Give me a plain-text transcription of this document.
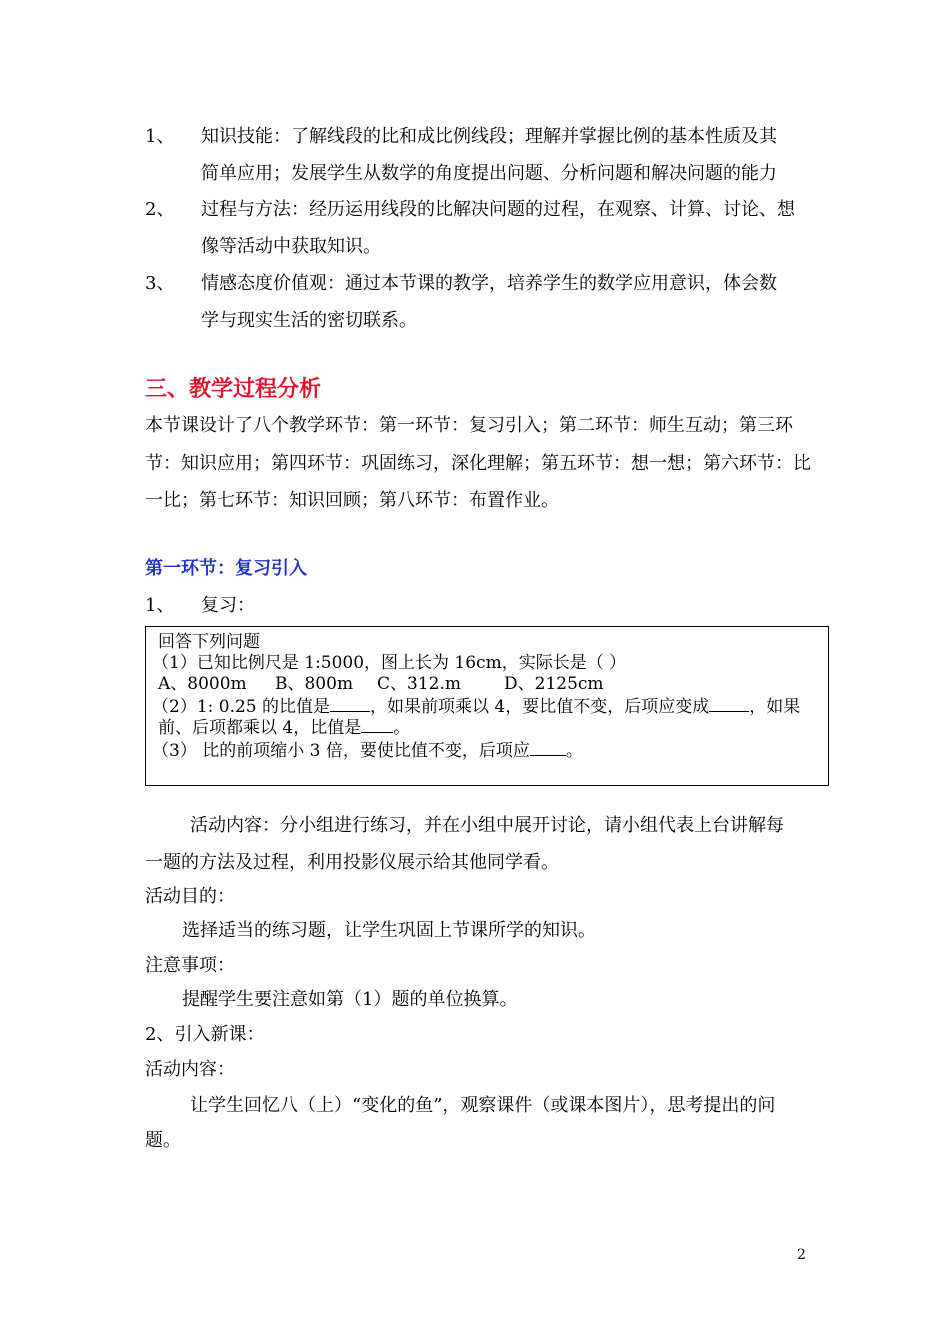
1、 知识技能：了解线段的比和成比例线段；理解并掌握比例的基本性质及其
简单应用；发展学生从数学的角度提出问题、分析问题和解决问题的能力
2、 过程与方法：经历运用线段的比解决问题的过程，在观察、计算、讨论、想
像等活动中获取知识。
3、 情感态度价值观：通过本节课的教学，培养学生的数学应用意识，体会数
学与现实生活的密切联系。
三、教学过程分析
本节课设计了八个教学环节：第一环节：复习引入；第二环节：师生互动；第三环
节：知识应用；第四环节：巩固练习，深化理解；第五环节：想一想；第六环节：比
一比；第七环节：知识回顾；第八环节：布置作业。
第一环节：复习引入
1、 复习：
回答下列问题
（1）已知比例尺是 1:5000，图上长为 16cm，实际长是（ ）
A、8000m B、800m C、312.m	D、2125cm
（2）1: 0.25 的比值是 ，如果前项乘以 4，要比值不变，后项应变成 ，如果
前、后项都乘以 4，比值是 。
（3） 比的前项缩小 3 倍，要使比值不变，后项应 。
活动内容：分小组进行练习，并在小组中展开讨论，请小组代表上台讲解每
一题的方法及过程，利用投影仪展示给其他同学看。
活动目的：
选择适当的练习题，让学生巩固上节课所学的知识。
注意事项：
提醒学生要注意如第（1）题的单位换算。
2、引入新课：
活动内容：
让学生回忆八（上）“变化的鱼”，观察课件（或课本图片），思考提出的问
题。
2
